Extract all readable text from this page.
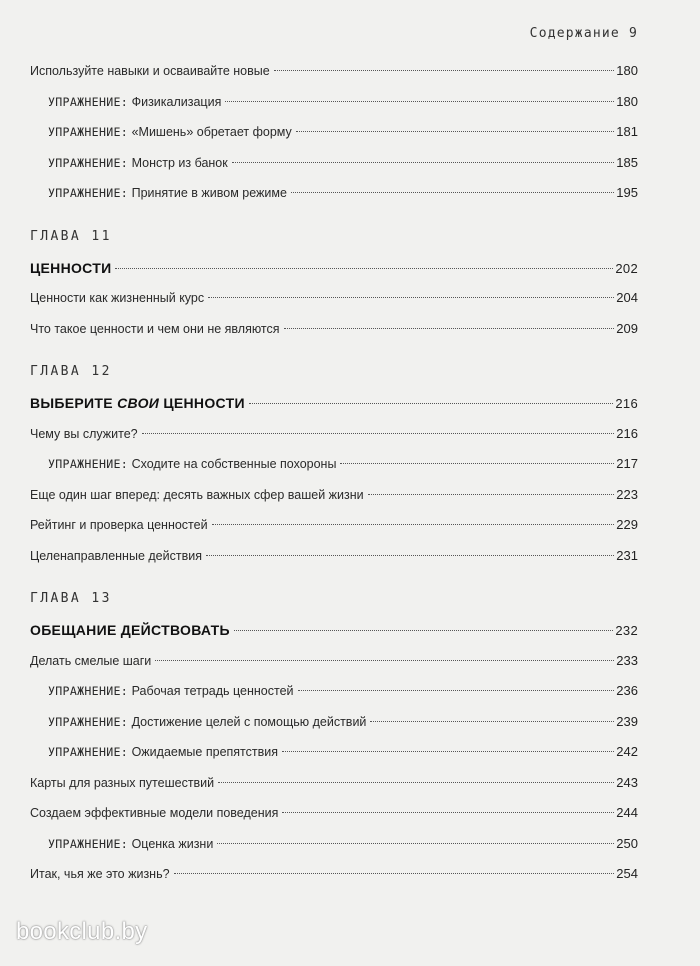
Содержание 9
Используйте навыки и осваивайте новые	180
УПРАЖНЕНИЕ: Физикализация	180
УПРАЖНЕНИЕ: «Мишень» обретает форму	181
УПРАЖНЕНИЕ: Монстр из банок	185
УПРАЖНЕНИЕ: Принятие в живом режиме	195
ГЛАВА 11
ЦЕННОСТИ	202
Ценности как жизненный курс	204
Что такое ценности и чем они не являются	209
ГЛАВА 12
ВЫБЕРИТЕ СВОИ ЦЕННОСТИ	216
Чему вы служите?	216
УПРАЖНЕНИЕ: Сходите на собственные похороны	217
Еще один шаг вперед: десять важных сфер вашей жизни	223
Рейтинг и проверка ценностей	229
Целенаправленные действия	231
ГЛАВА 13
ОБЕЩАНИЕ ДЕЙСТВОВАТЬ	232
Делать смелые шаги	233
УПРАЖНЕНИЕ: Рабочая тетрадь ценностей	236
УПРАЖНЕНИЕ: Достижение целей с помощью действий	239
УПРАЖНЕНИЕ: Ожидаемые препятствия	242
Карты для разных путешествий	243
Создаем эффективные модели поведения	244
УПРАЖНЕНИЕ: Оценка жизни	250
Итак, чья же это жизнь?	254
bookclub.by
